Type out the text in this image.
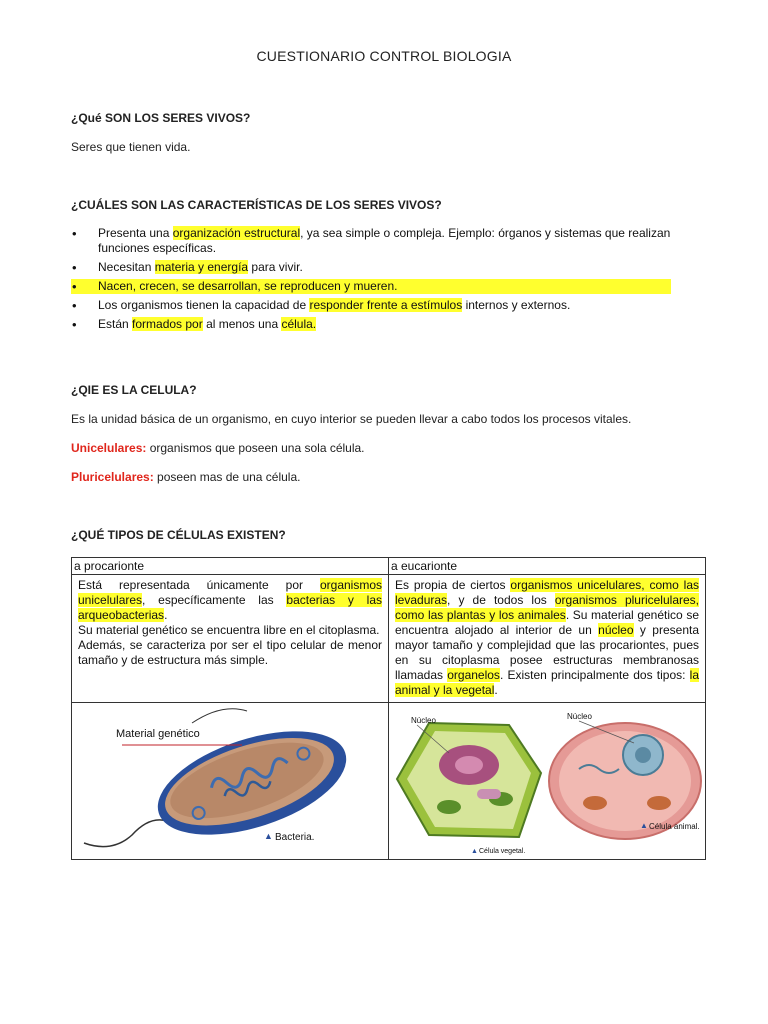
CUESTIONARIO CONTROL BIOLOGIA
¿Qué SON LOS SERES VIVOS?
Seres que tienen vida.
¿CUÁLES SON LAS CARACTERÍSTICAS DE LOS SERES VIVOS?
• Presenta una organización estructural, ya sea simple o compleja. Ejemplo: órganos y sistemas que realizan funciones específicas.
• Necesitan materia y energía para vivir.
• Nacen, crecen, se desarrollan, se reproducen y mueren.
• Los organismos tienen la capacidad de responder frente a estímulos internos y externos.
• Están formados por al menos una célula.
¿QIE ES LA CELULA?
Es la unidad básica de un organismo, en cuyo interior se pueden llevar a cabo todos los procesos vitales.
Unicelulares: organismos que poseen una sola célula.
Pluricelulares: poseen mas de una célula.
¿QUÉ TIPOS DE CÉLULAS EXISTEN?
a procarionte	a eucarionte
Está representada únicamente por organismos unicelulares, específicamente las bacterias y las arqueobacterias.
Su material genético se encuentra libre en el citoplasma.
Además, se caracteriza por ser el tipo celular de menor tamaño y de estructura más simple.
Es propia de ciertos organismos unicelulares, como las levaduras, y de todos los organismos pluricelulares, como las plantas y los animales. Su material genético se encuentra alojado al interior de un núcleo y presenta mayor tamaño y complejidad que las procariontes, pues en su citoplasma posee estructuras membranosas llamadas organelos. Existen principalmente dos tipos: la animal y la vegetal.
Material genético
▲ Bacteria.
Núcleo
▲ Célula vegetal.
Núcleo
▲ Célula animal.
